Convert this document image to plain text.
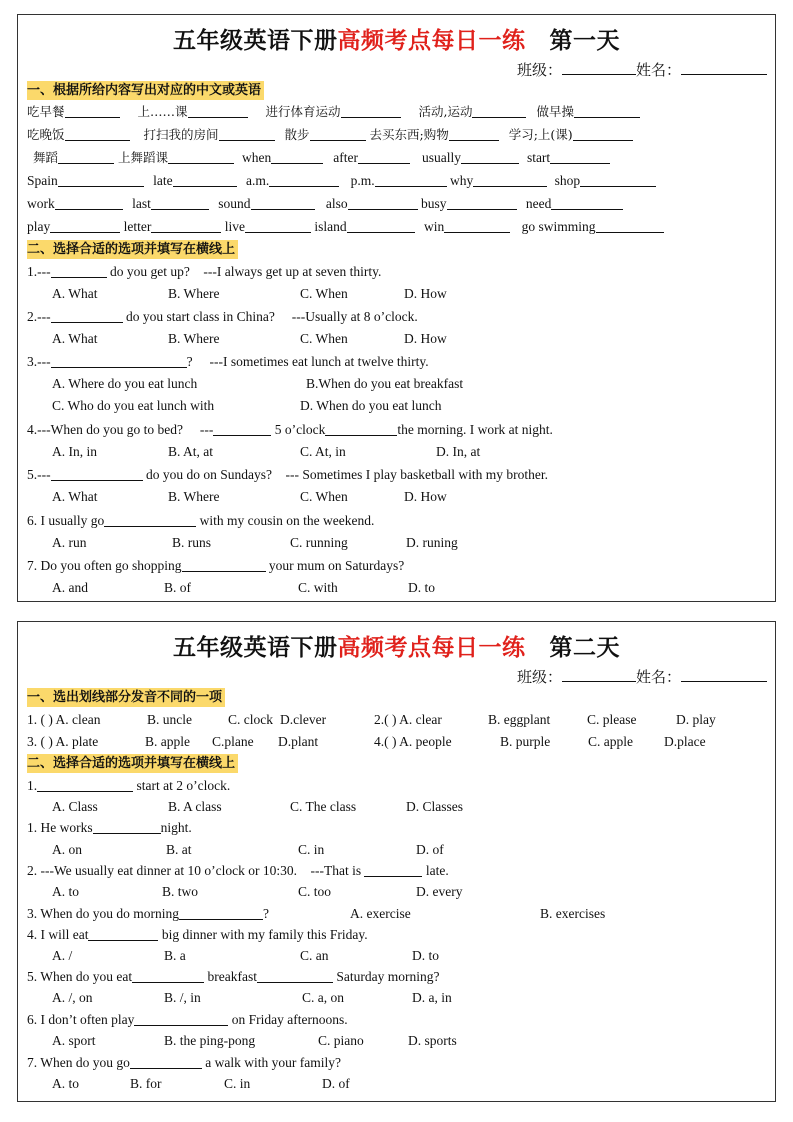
五年级英语下册高频考点每日一练 第一天
班级：	姓名：
一、根据所给内容写出对应的中文或英语
吃早餐	上……课	进行体育运动	活动,运动	做早操
吃晚饭	打扫我的房间	散步	去买东西;购物	学习;上(课)
舞蹈	上舞蹈课	when	after	usually	start
Spain	late	a.m.	p.m.	why	shop
work	last	sound	also	busy	need
play	letter	live	island	win	go swimming
二、选择合适的选项并填写在横线上
1.---	do you get up? ---I always get up at seven thirty.
A. What	B. Where	C. When	D. How
2.---	do you start class in China? ---Usually at 8 o’clock.
A. What	B. Where	C. When	D. How
3.---	? ---I sometimes eat lunch at twelve thirty.
A. Where do you eat lunch	B.When do you eat breakfast
C. Who do you eat lunch with	D. When do you eat lunch
4.---When do you go to bed? ---	5 o’clock	the morning. I work at night.
A. In, in	B. At, at	C. At, in	D. In, at
5.---	do you do on Sundays? --- Sometimes I play basketball with my brother.
A. What	B. Where	C. When	D. How
6. I usually go	with my cousin on the weekend.
A. run	B. runs	C. running	D. runing
7. Do you often go shopping	your mum on Saturdays?
A. and	B. of	C. with	D. to
五年级英语下册高频考点每日一练 第二天
班级：	姓名：
一、选出划线部分发音不同的一项
1. ( ) A. clean	B. uncle	C. clock D.clever	2.( ) A. clear	B. eggplant	C. please	D. play
3. ( ) A. plate	B. apple C.plane D.plant	4.( ) A. people	B. purple	C. apple D.place
二、选择合适的选项并填写在横线上
1.	start at 2 o’clock.
A. Class	B. A class	C. The class	D. Classes
1. He works	night.
A. on	B. at	C. in	D. of
2. ---We usually eat dinner at 10 o’clock or 10:30. ---That is	late.
A. to	B. two	C. too	D. every
3. When do you do morning	?	A. exercise	B. exercises
4. I will eat	big dinner with my family this Friday.
A. /	B. a	C. an	D. to
5. When do you eat	breakfast	Saturday morning?
A. /, on	B. /, in	C. a, on	D. a, in
6. I don’t often play	on Friday afternoons.
A. sport	B. the ping-pong	C. piano	D. sports
7. When do you go	a walk with your family?
A. to	B. for	C. in	D. of
